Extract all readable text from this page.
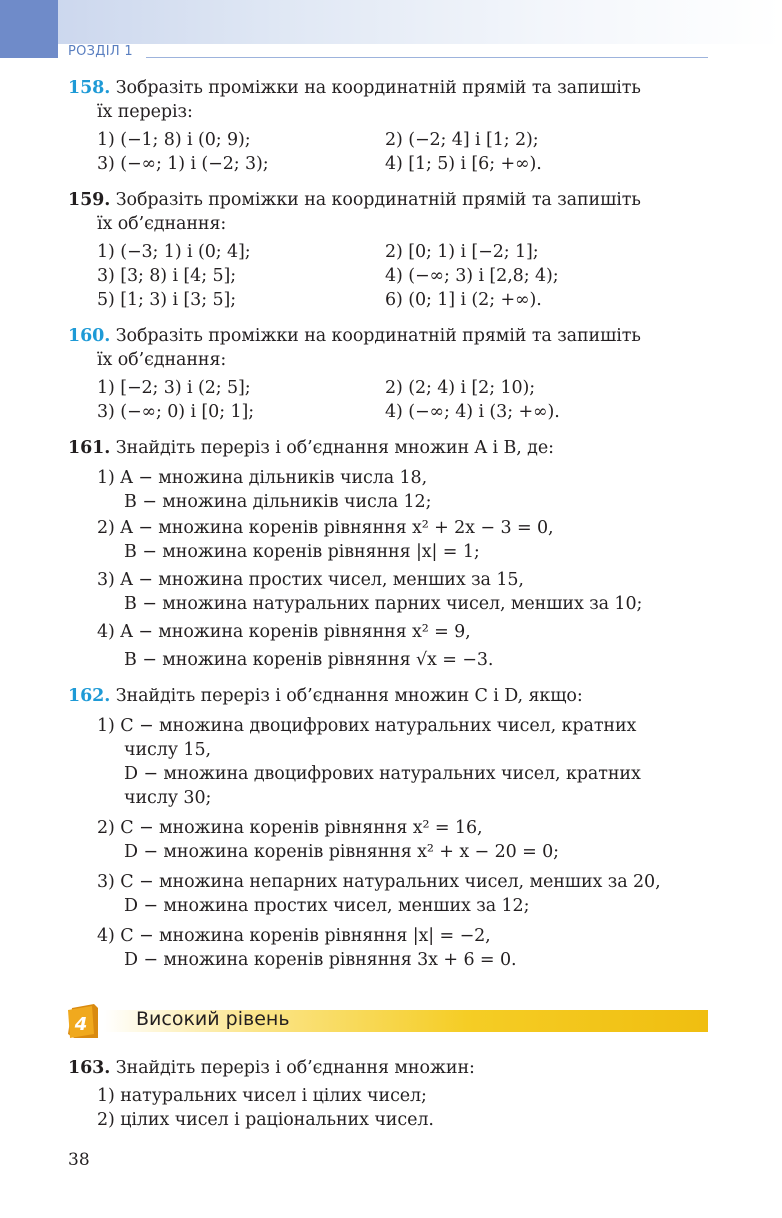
РОЗДІЛ 1
158. Зобразіть проміжки на координатній прямій та запишіть
їх переріз:
1) (−1; 8) і (0; 9);	2) (−2; 4] і [1; 2);
3) (−∞; 1) і (−2; 3);	4) [1; 5) і [6; +∞).
159. Зобразіть проміжки на координатній прямій та запишіть
їх об’єднання:
1) (−3; 1) і (0; 4];	2) [0; 1) і [−2; 1];
3) [3; 8) і [4; 5];	4) (−∞; 3) і [2,8; 4);
5) [1; 3) і [3; 5];	6) (0; 1] і (2; +∞).
160. Зобразіть проміжки на координатній прямій та запишіть
їх об’єднання:
1) [−2; 3) і (2; 5];	2) (2; 4) і [2; 10);
3) (−∞; 0) і [0; 1];	4) (−∞; 4) і (3; +∞).
161. Знайдіть переріз і об’єднання множин A і B, де:
1) A − множина дільників числа 18,
B − множина дільників числа 12;
2) A − множина коренів рівняння x² + 2x − 3 = 0,
B − множина коренів рівняння |x| = 1;
3) A − множина простих чисел, менших за 15,
B − множина натуральних парних чисел, менших за 10;
4) A − множина коренів рівняння x² = 9,
B − множина коренів рівняння √x = −3.
162. Знайдіть переріз і об’єднання множин C і D, якщо:
1) C − множина двоцифрових натуральних чисел, кратних
числу 15,
D − множина двоцифрових натуральних чисел, кратних
числу 30;
2) C − множина коренів рівняння x² = 16,
D − множина коренів рівняння x² + x − 20 = 0;
3) C − множина непарних натуральних чисел, менших за 20,
D − множина простих чисел, менших за 12;
4) C − множина коренів рівняння |x| = −2,
D − множина коренів рівняння 3x + 6 = 0.
4	Високий рівень
163. Знайдіть переріз і об’єднання множин:
1) натуральних чисел і цілих чисел;
2) цілих чисел і раціональних чисел.
38
